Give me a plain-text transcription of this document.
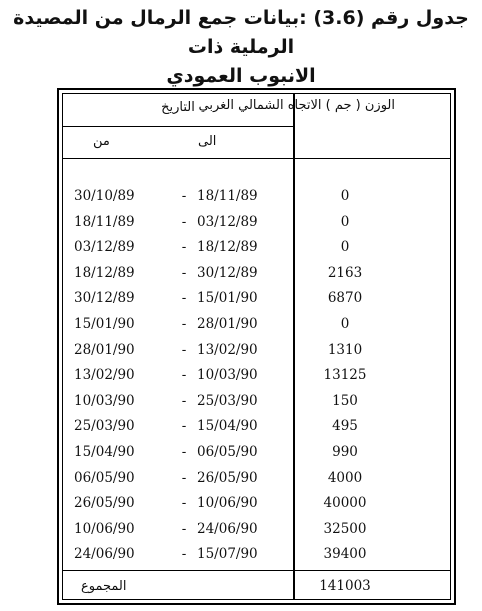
جدول رقم (3.6) :بيانات جمع الرمال من المصيدة الرملية ذات
الانبوب العمودي
التاريخ
الى
من
الوزن ( جم ) الاتجاه الشمالي الغربي
30/10/89	- 18/11/89	0
18/11/89	- 03/12/89	0
03/12/89	- 18/12/89	0
18/12/89	- 30/12/89	2163
30/12/89	- 15/01/90	6870
15/01/90	- 28/01/90	0
28/01/90	- 13/02/90	1310
13/02/90	- 10/03/90	13125
10/03/90	- 25/03/90	150
25/03/90	- 15/04/90	495
15/04/90	- 06/05/90	990
06/05/90	- 26/05/90	4000
26/05/90	- 10/06/90	40000
10/06/90	- 24/06/90	32500
24/06/90	- 15/07/90	39400
المجموع	141003
